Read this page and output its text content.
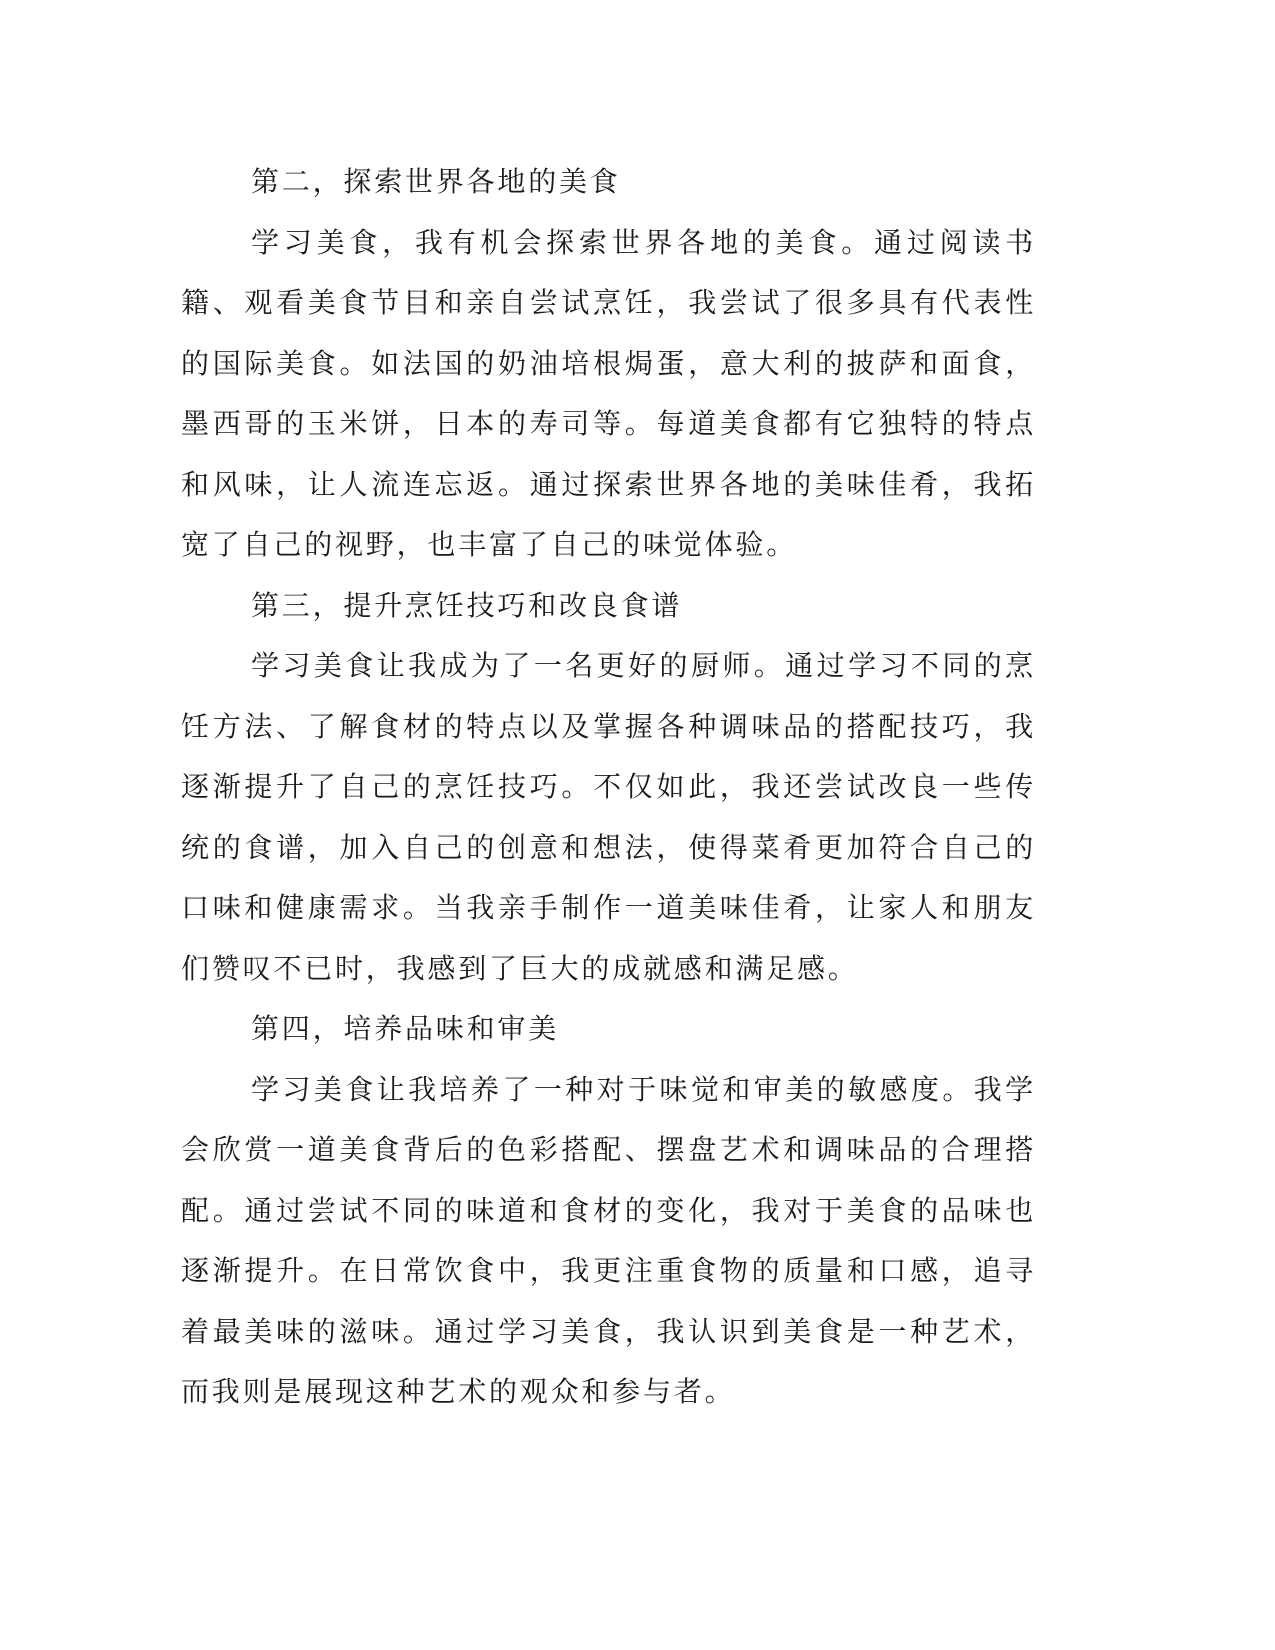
第二，探索世界各地的美食

学习美食，我有机会探索世界各地的美食。通过阅读书籍、观看美食节目和亲自尝试烹饪，我尝试了很多具有代表性的国际美食。如法国的奶油培根焗蛋，意大利的披萨和面食，墨西哥的玉米饼，日本的寿司等。每道美食都有它独特的特点和风味，让人流连忘返。通过探索世界各地的美味佳肴，我拓宽了自己的视野，也丰富了自己的味觉体验。

第三，提升烹饪技巧和改良食谱

学习美食让我成为了一名更好的厨师。通过学习不同的烹饪方法、了解食材的特点以及掌握各种调味品的搭配技巧，我逐渐提升了自己的烹饪技巧。不仅如此，我还尝试改良一些传统的食谱，加入自己的创意和想法，使得菜肴更加符合自己的口味和健康需求。当我亲手制作一道美味佳肴，让家人和朋友们赞叹不已时，我感到了巨大的成就感和满足感。

第四，培养品味和审美

学习美食让我培养了一种对于味觉和审美的敏感度。我学会欣赏一道美食背后的色彩搭配、摆盘艺术和调味品的合理搭配。通过尝试不同的味道和食材的变化，我对于美食的品味也逐渐提升。在日常饮食中，我更注重食物的质量和口感，追寻着最美味的滋味。通过学习美食，我认识到美食是一种艺术，而我则是展现这种艺术的观众和参与者。
